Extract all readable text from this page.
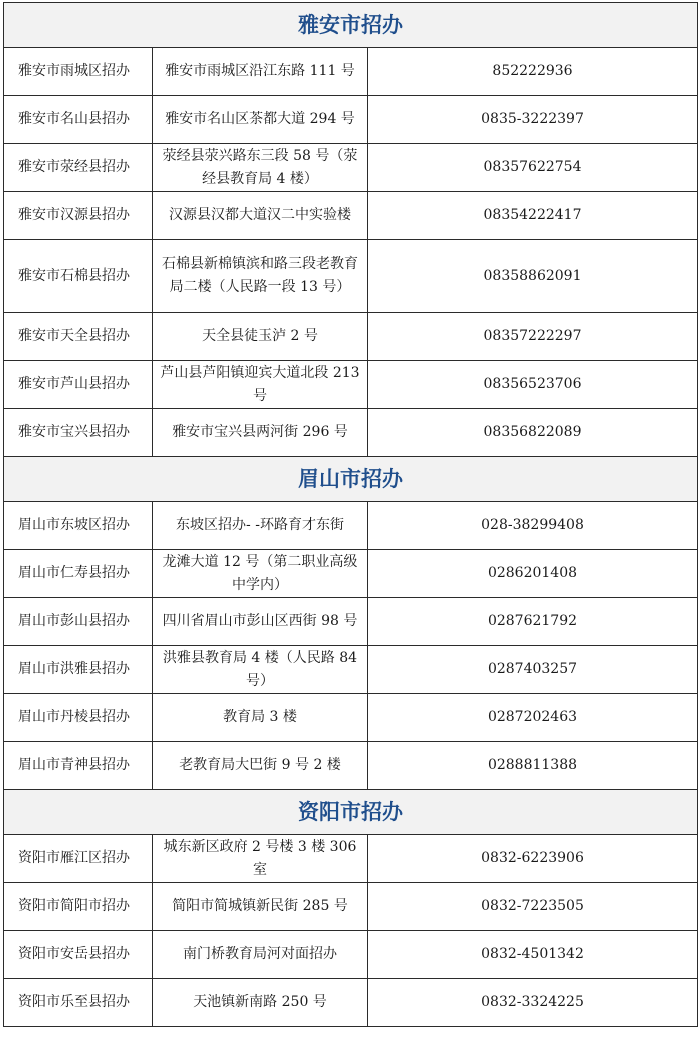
雅安市招办		
雅安市雨城区招办	雅安市雨城区沿江东路 111 号	852222936
雅安市名山县招办	雅安市名山区茶都大道 294 号	0835-3222397
雅安市荥经县招办	荥经县荥兴路东三段 58 号（荥经县教育局 4 楼）	08357622754
雅安市汉源县招办	汉源县汉都大道汉二中实验楼	08354222417
雅安市石棉县招办	石棉县新棉镇滨和路三段老教育局二楼（人民路一段 13 号）	08358862091
雅安市天全县招办	天全县徒玉泸 2 号	08357222297
雅安市芦山县招办	芦山县芦阳镇迎宾大道北段 213 号	08356523706
雅安市宝兴县招办	雅安市宝兴县两河街 296 号	08356822089
眉山市招办		
眉山市东坡区招办	东坡区招办- -环路育才东街	028-38299408
眉山市仁寿县招办	龙滩大道 12 号（第二职业高级中学内）	0286201408
眉山市彭山县招办	四川省眉山市彭山区西街 98 号	0287621792
眉山市洪雅县招办	洪雅县教育局 4 楼（人民路 84 号）	0287403257
眉山市丹棱县招办	教育局 3 楼	0287202463
眉山市青神县招办	老教育局大巴街 9 号 2 楼	0288811388
资阳市招办		
资阳市雁江区招办	城东新区政府 2 号楼 3 楼 306 室	0832-6223906
资阳市简阳市招办	简阳市简城镇新民街 285 号	0832-7223505
资阳市安岳县招办	南门桥教育局河对面招办	0832-4501342
资阳市乐至县招办	天池镇新南路 250 号	0832-3324225
